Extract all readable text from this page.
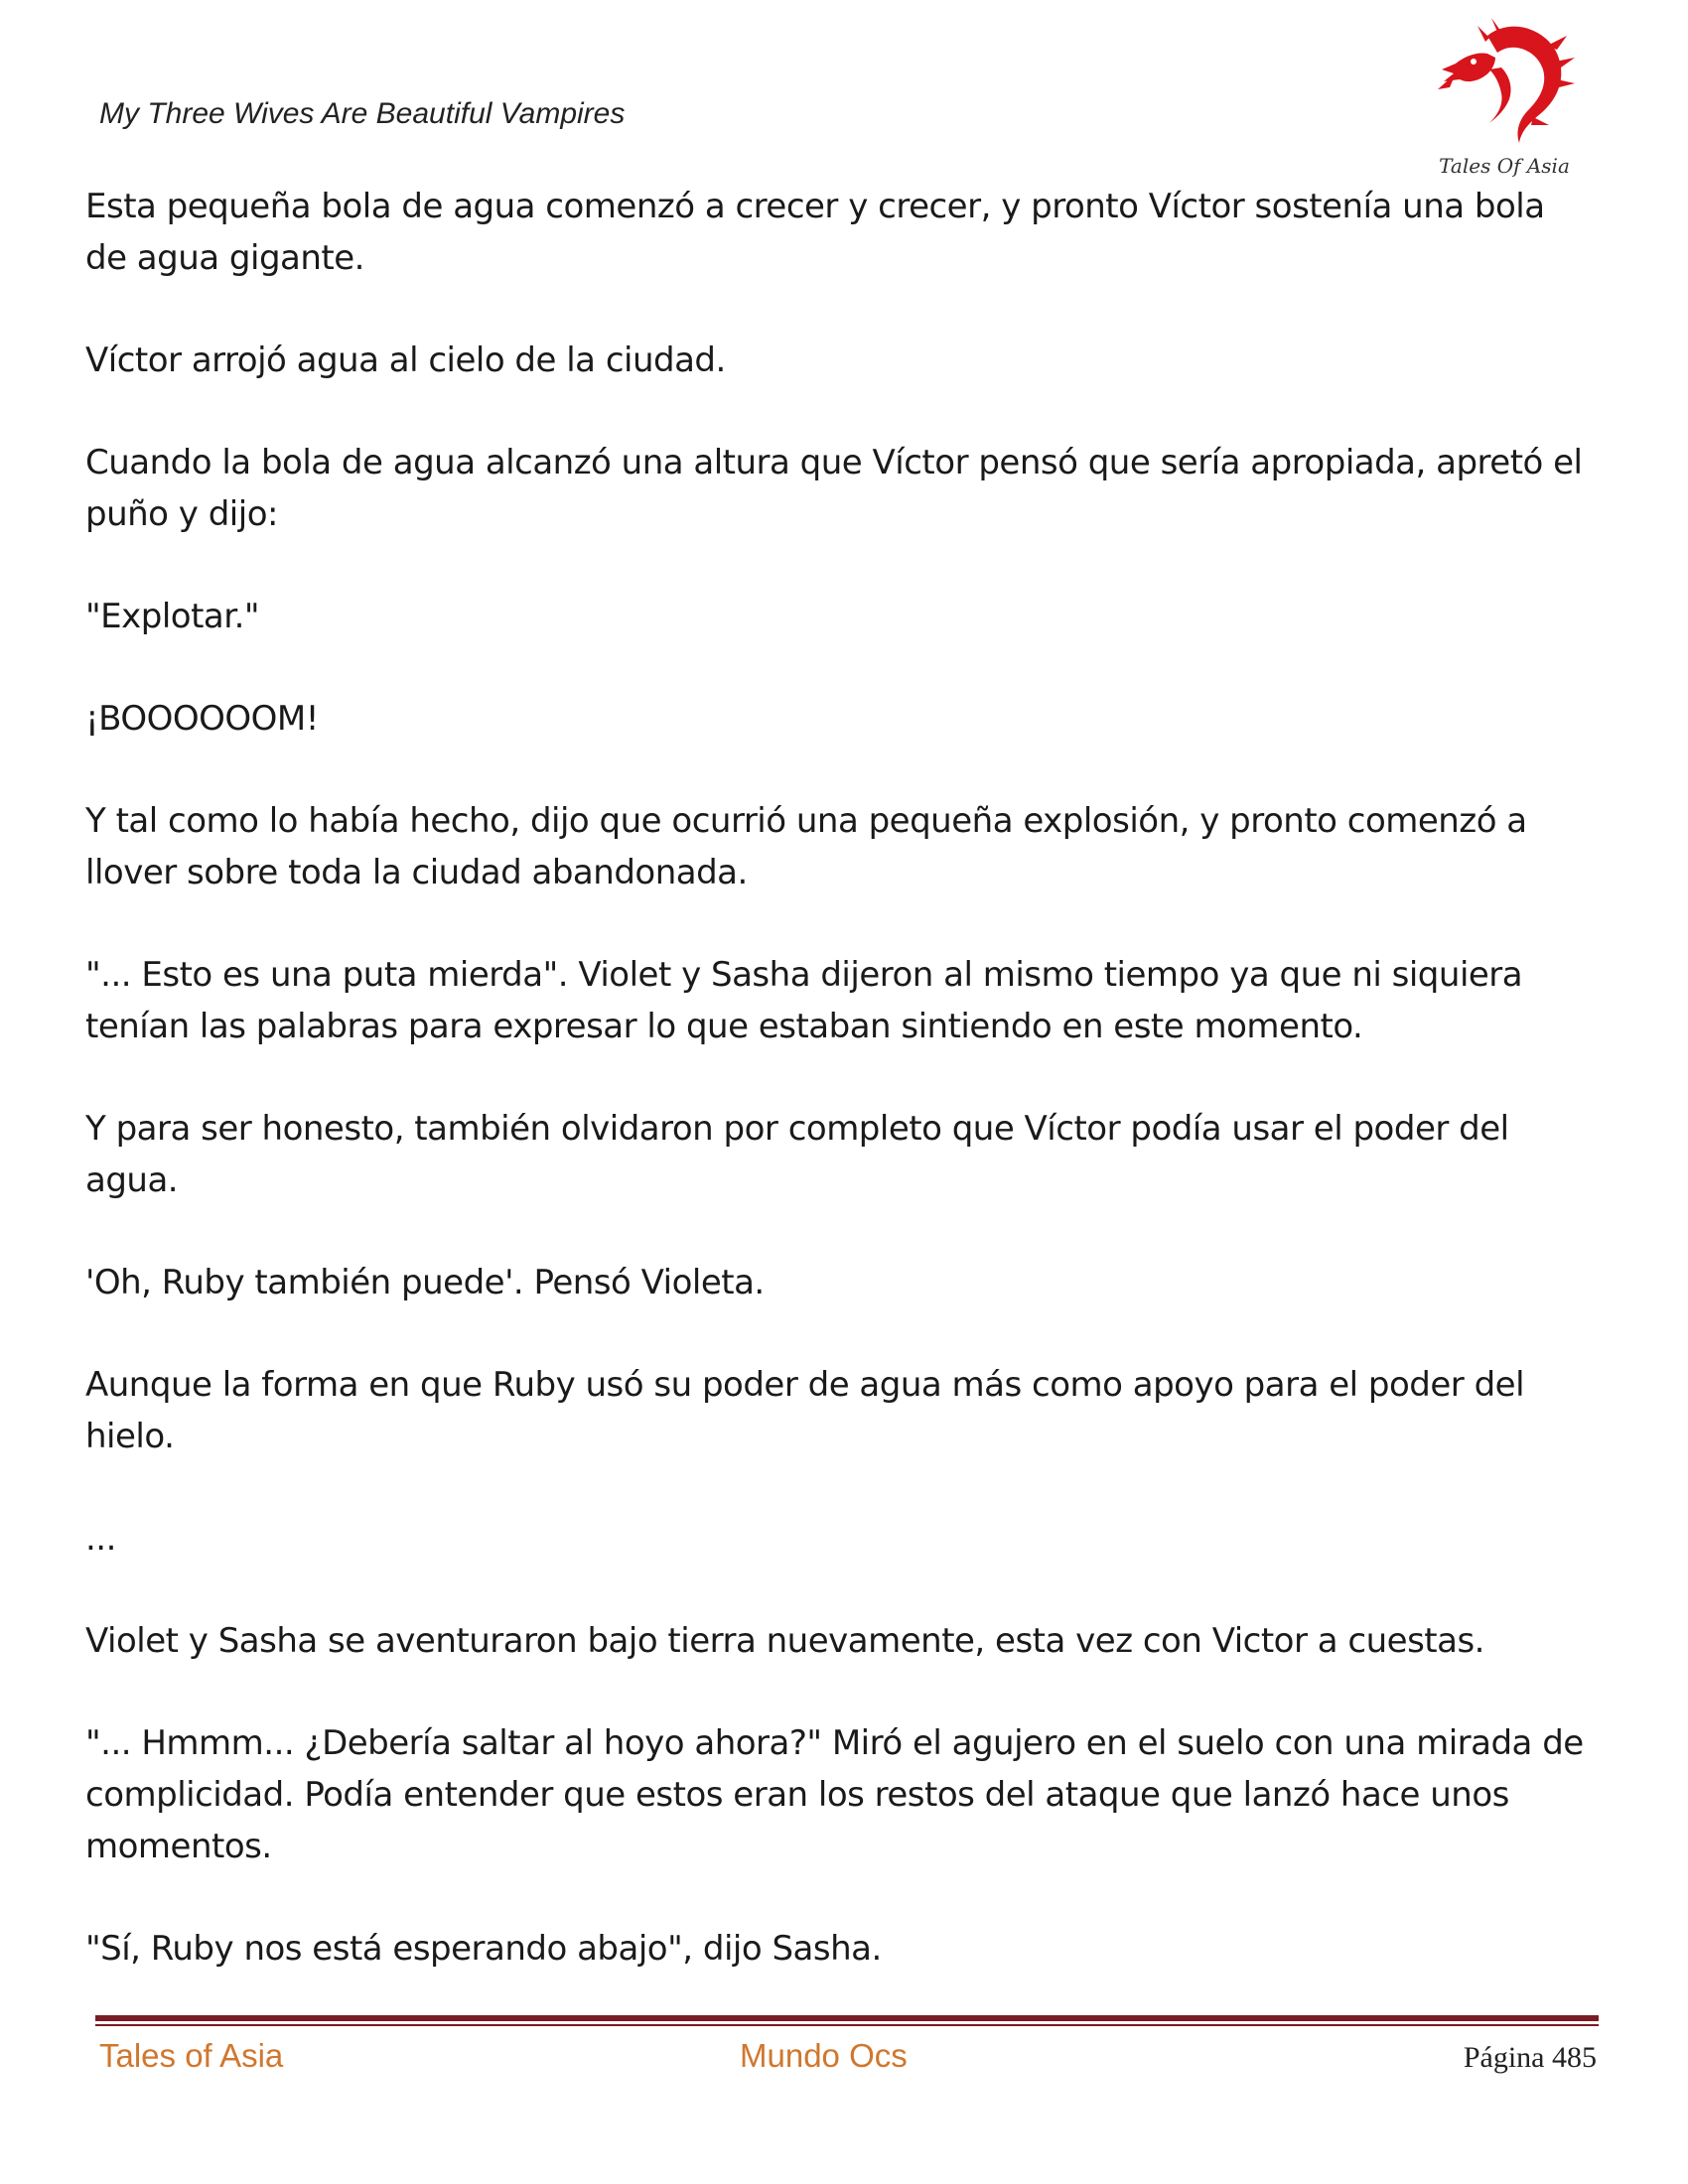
My Three Wives Are Beautiful Vampires
Tales Of Asia

Esta pequeña bola de agua comenzó a crecer y crecer, y pronto Víctor sostenía una bola de agua gigante.

Víctor arrojó agua al cielo de la ciudad.

Cuando la bola de agua alcanzó una altura que Víctor pensó que sería apropiada, apretó el puño y dijo:

"Explotar."

¡BOOOOOOM!

Y tal como lo había hecho, dijo que ocurrió una pequeña explosión, y pronto comenzó a llover sobre toda la ciudad abandonada.

"... Esto es una puta mierda". Violet y Sasha dijeron al mismo tiempo ya que ni siquiera tenían las palabras para expresar lo que estaban sintiendo en este momento.

Y para ser honesto, también olvidaron por completo que Víctor podía usar el poder del agua.

'Oh, Ruby también puede'. Pensó Violeta.

Aunque la forma en que Ruby usó su poder de agua más como apoyo para el poder del hielo.

...

Violet y Sasha se aventuraron bajo tierra nuevamente, esta vez con Victor a cuestas.

"... Hmmm... ¿Debería saltar al hoyo ahora?" Miró el agujero en el suelo con una mirada de complicidad. Podía entender que estos eran los restos del ataque que lanzó hace unos momentos.

"Sí, Ruby nos está esperando abajo", dijo Sasha.

Tales of Asia	Mundo Ocs	Página 485
